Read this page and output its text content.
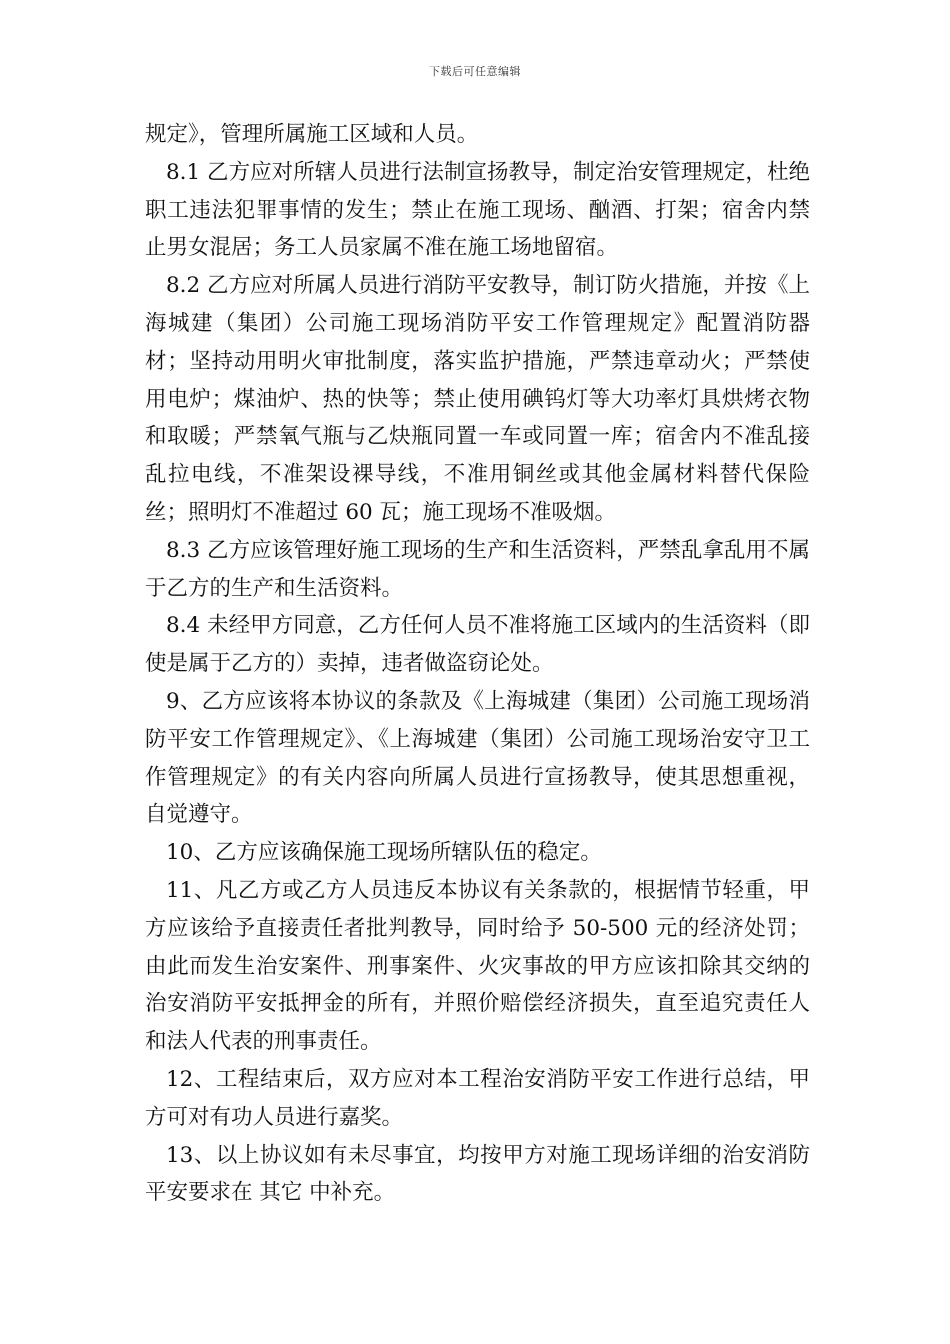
下载后可任意编辑

规定》，管理所属施工区域和人员。

8.1 乙方应对所辖人员进行法制宣扬教导，制定治安管理规定，杜绝职工违法犯罪事情的发生；禁止在施工现场、酗酒、打架；宿舍内禁止男女混居；务工人员家属不准在施工场地留宿。

8.2 乙方应对所属人员进行消防平安教导，制订防火措施，并按《上海城建（集团）公司施工现场消防平安工作管理规定》配置消防器材；坚持动用明火审批制度，落实监护措施，严禁违章动火；严禁使用电炉；煤油炉、热的快等；禁止使用碘钨灯等大功率灯具烘烤衣物和取暖；严禁氧气瓶与乙炔瓶同置一车或同置一库；宿舍内不准乱接乱拉电线，不准架设裸导线，不准用铜丝或其他金属材料替代保险丝；照明灯不准超过 60 瓦；施工现场不准吸烟。

8.3 乙方应该管理好施工现场的生产和生活资料，严禁乱拿乱用不属于乙方的生产和生活资料。

8.4 未经甲方同意，乙方任何人员不准将施工区域内的生活资料（即使是属于乙方的）卖掉，违者做盗窃论处。

9、乙方应该将本协议的条款及《上海城建（集团）公司施工现场消防平安工作管理规定》、《上海城建（集团）公司施工现场治安守卫工作管理规定》的有关内容向所属人员进行宣扬教导，使其思想重视，自觉遵守。

10、乙方应该确保施工现场所辖队伍的稳定。

11、凡乙方或乙方人员违反本协议有关条款的，根据情节轻重，甲方应该给予直接责任者批判教导，同时给予 50-500 元的经济处罚；由此而发生治安案件、刑事案件、火灾事故的甲方应该扣除其交纳的治安消防平安抵押金的所有，并照价赔偿经济损失，直至追究责任人和法人代表的刑事责任。

12、工程结束后，双方应对本工程治安消防平安工作进行总结，甲方可对有功人员进行嘉奖。

13、以上协议如有未尽事宜，均按甲方对施工现场详细的治安消防平安要求在 其它 中补充。
